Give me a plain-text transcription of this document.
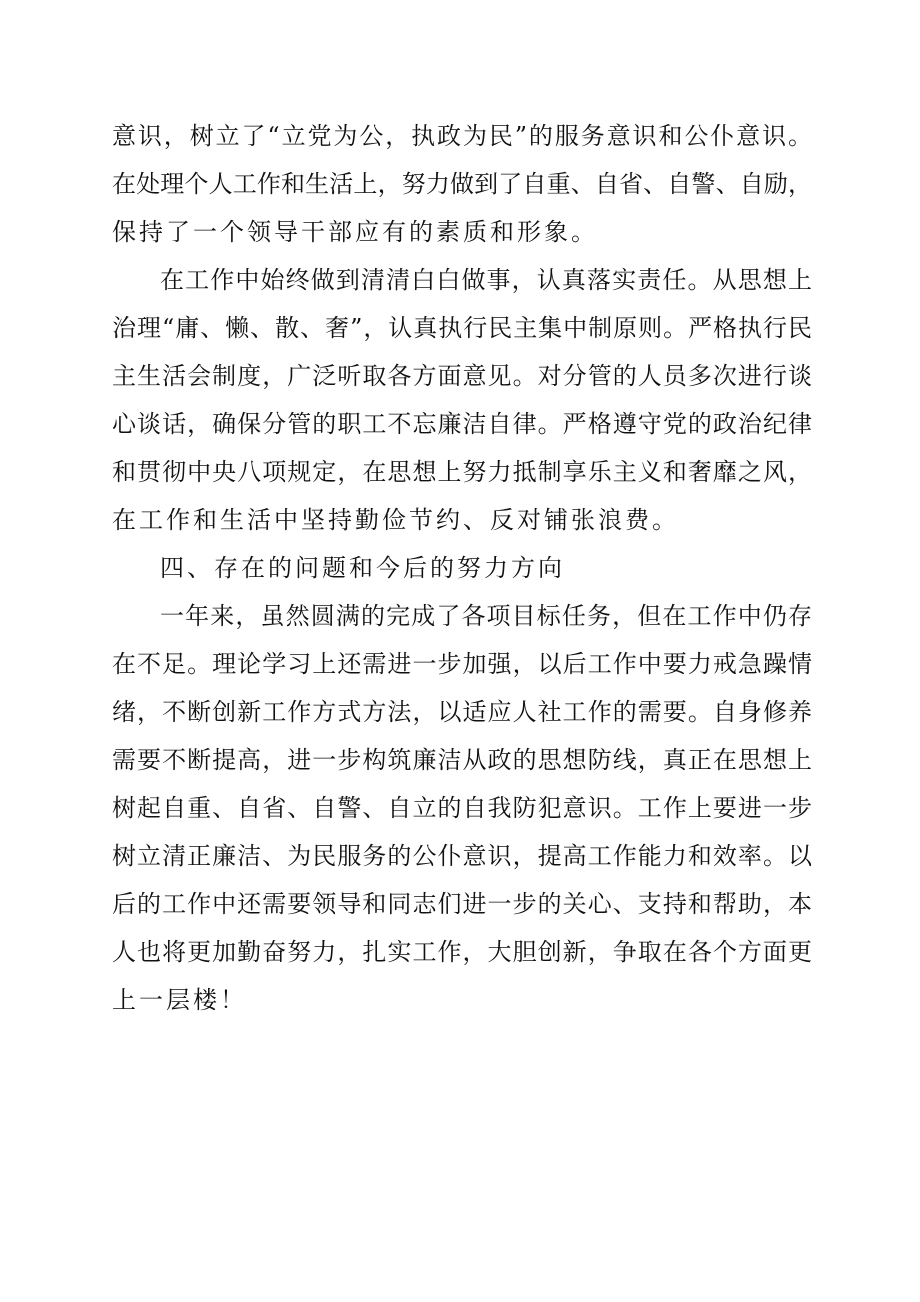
意识，树立了“立党为公，执政为民”的服务意识和公仆意识。
在处理个人工作和生活上，努力做到了自重、自省、自警、自励，
保持了一个领导干部应有的素质和形象。
在工作中始终做到清清白白做事，认真落实责任。从思想上
治理“庸、懒、散、奢”，认真执行民主集中制原则。严格执行民
主生活会制度，广泛听取各方面意见。对分管的人员多次进行谈
心谈话，确保分管的职工不忘廉洁自律。严格遵守党的政治纪律
和贯彻中央八项规定，在思想上努力抵制享乐主义和奢靡之风，
在工作和生活中坚持勤俭节约、反对铺张浪费。
四、存在的问题和今后的努力方向
一年来，虽然圆满的完成了各项目标任务，但在工作中仍存
在不足。理论学习上还需进一步加强，以后工作中要力戒急躁情
绪，不断创新工作方式方法，以适应人社工作的需要。自身修养
需要不断提高，进一步构筑廉洁从政的思想防线，真正在思想上
树起自重、自省、自警、自立的自我防犯意识。工作上要进一步
树立清正廉洁、为民服务的公仆意识，提高工作能力和效率。以
后的工作中还需要领导和同志们进一步的关心、支持和帮助，本
人也将更加勤奋努力，扎实工作，大胆创新，争取在各个方面更
上一层楼！
